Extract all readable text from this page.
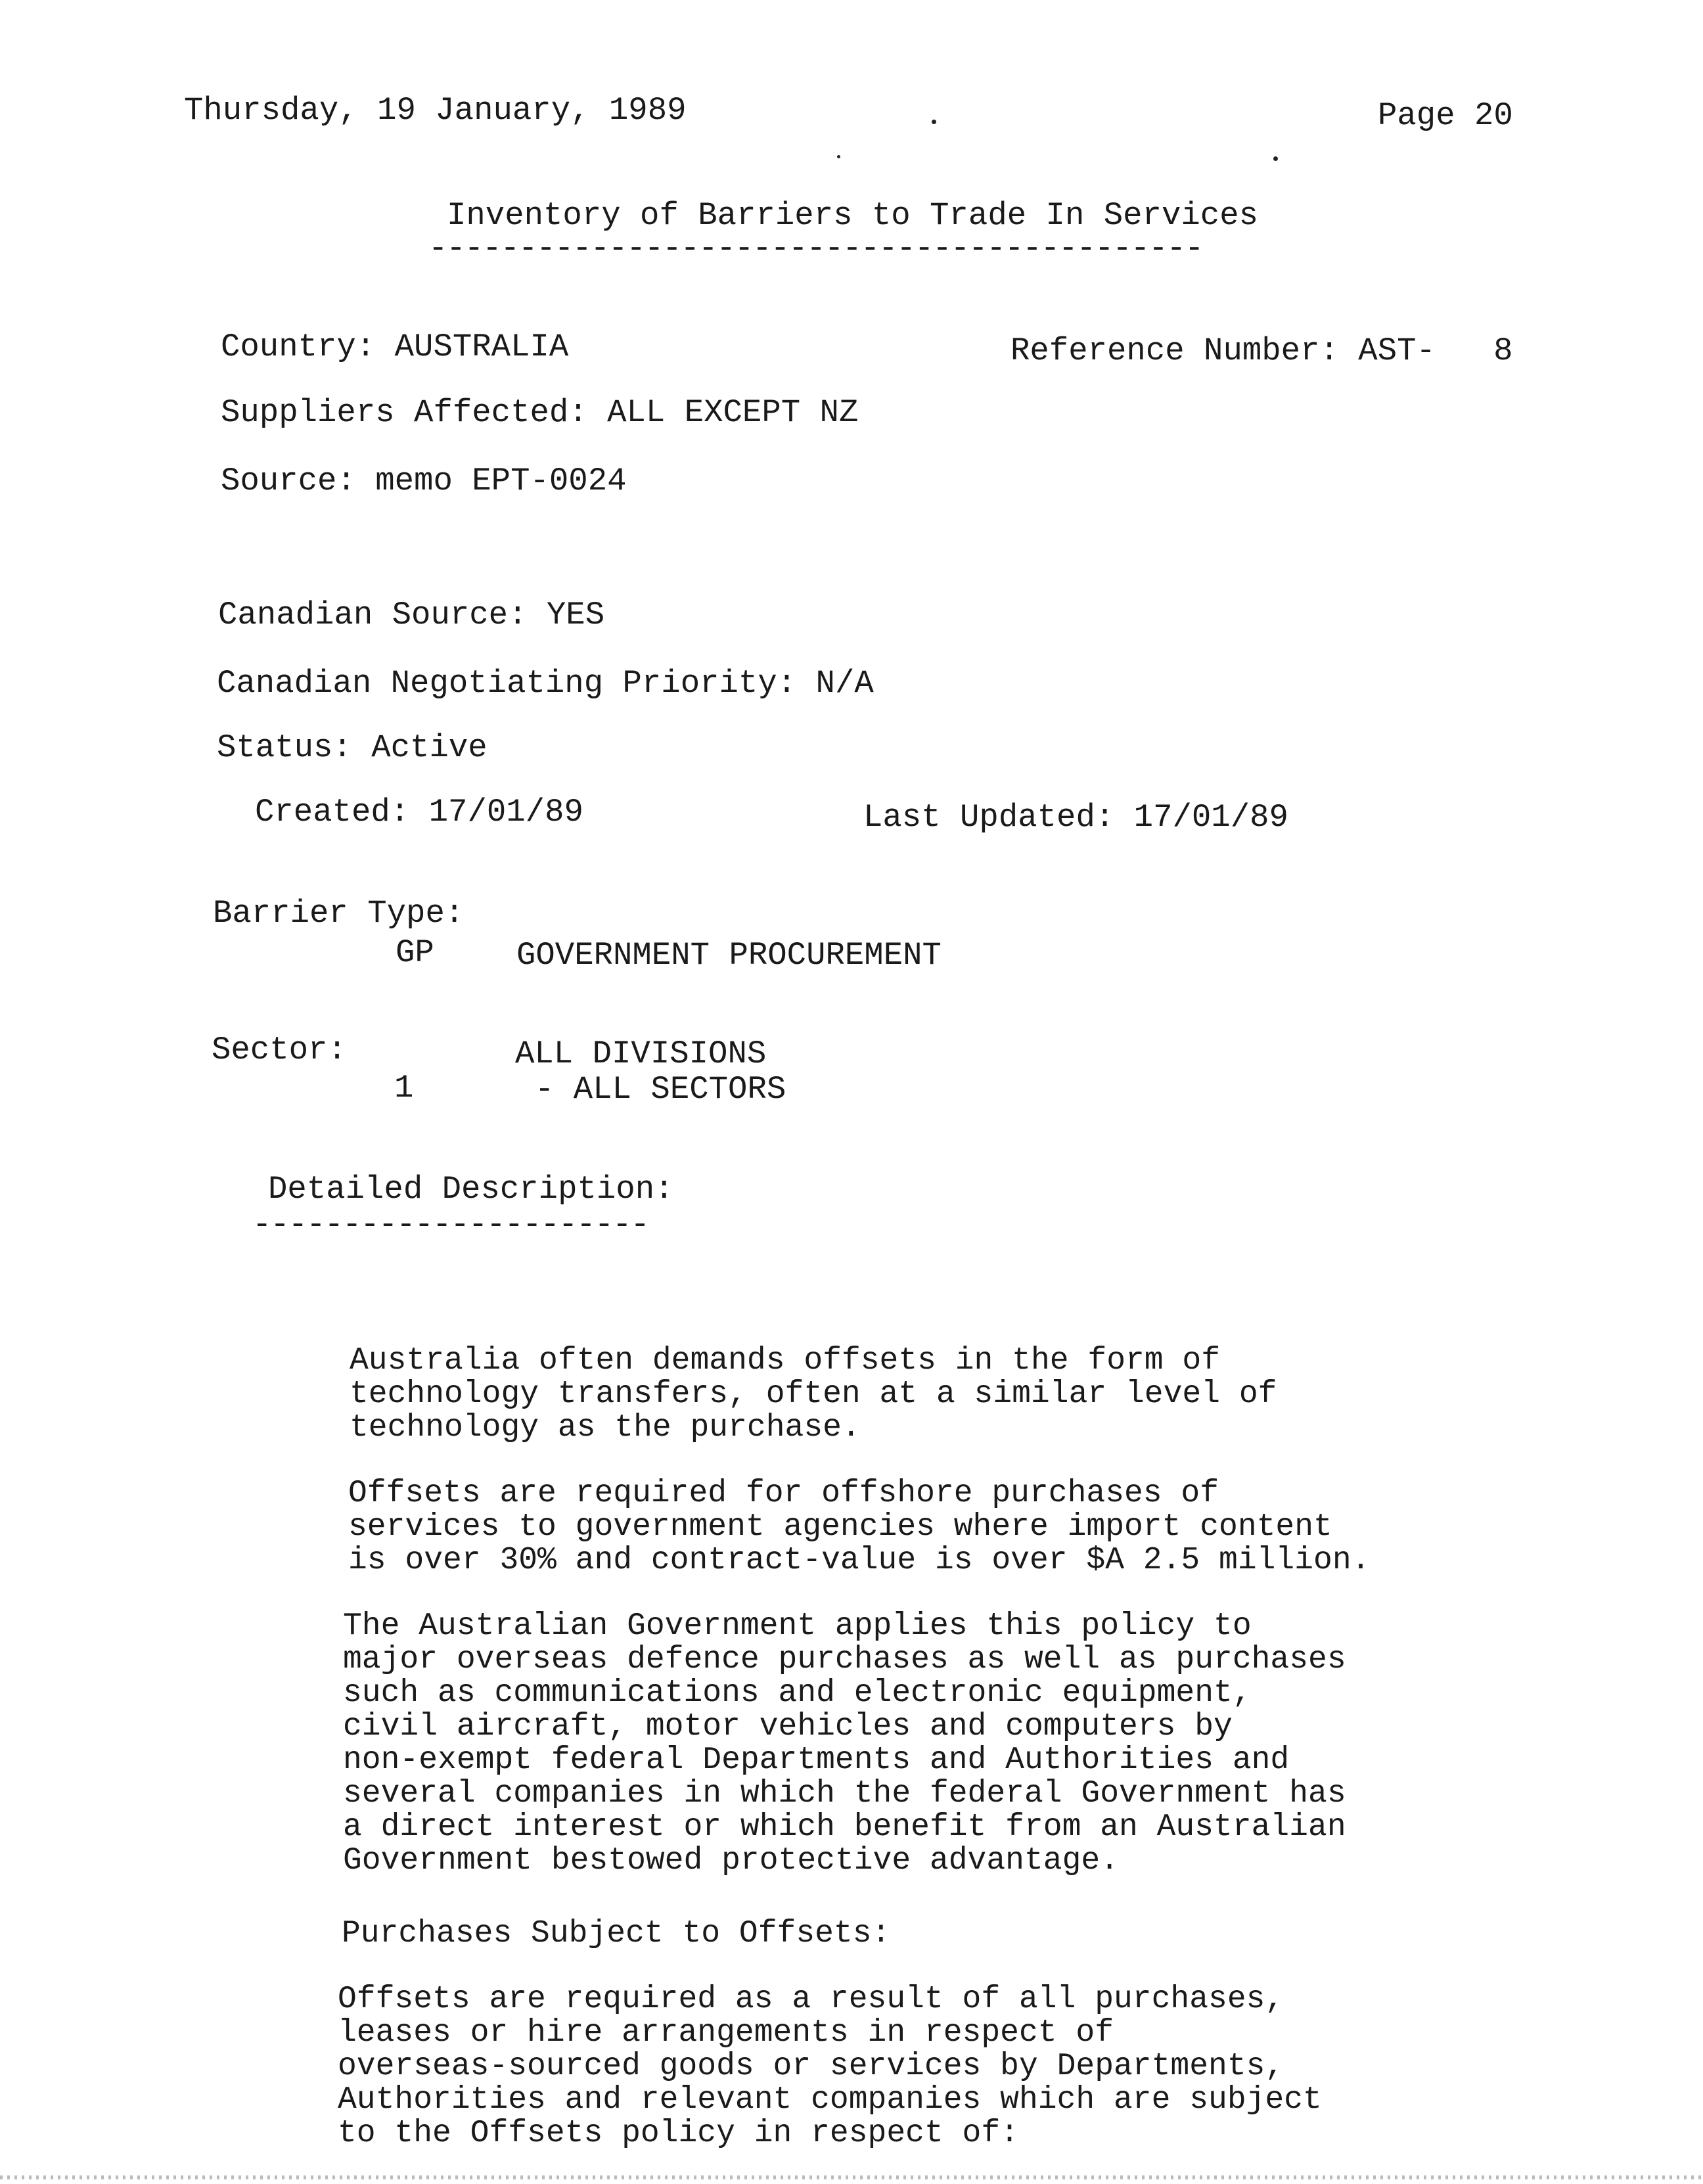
Thursday, 19 January, 1989	Page 20
Inventory of Barriers to Trade In Services
-------------------------------------------
Country: AUSTRALIA	Reference Number: AST-   8
Suppliers Affected: ALL EXCEPT NZ
Source: memo EPT-0024
Canadian Source: YES
Canadian Negotiating Priority: N/A
Status: Active
Created: 17/01/89	Last Updated: 17/01/89
Barrier Type:
GP	GOVERNMENT PROCUREMENT
Sector:	ALL DIVISIONS
1	- ALL SECTORS
Detailed Description:
----------------------

Australia often demands offsets in the form of
technology transfers, often at a similar level of
technology as the purchase.

Offsets are required for offshore purchases of
services to government agencies where import content
is over 30% and contract-value is over $A 2.5 million.

The Australian Government applies this policy to
major overseas defence purchases as well as purchases
such as communications and electronic equipment,
civil aircraft, motor vehicles and computers by
non-exempt federal Departments and Authorities and
several companies in which the federal Government has
a direct interest or which benefit from an Australian
Government bestowed protective advantage.

Purchases Subject to Offsets:

Offsets are required as a result of all purchases,
leases or hire arrangements in respect of
overseas-sourced goods or services by Departments,
Authorities and relevant companies which are subject
to the Offsets policy in respect of:
